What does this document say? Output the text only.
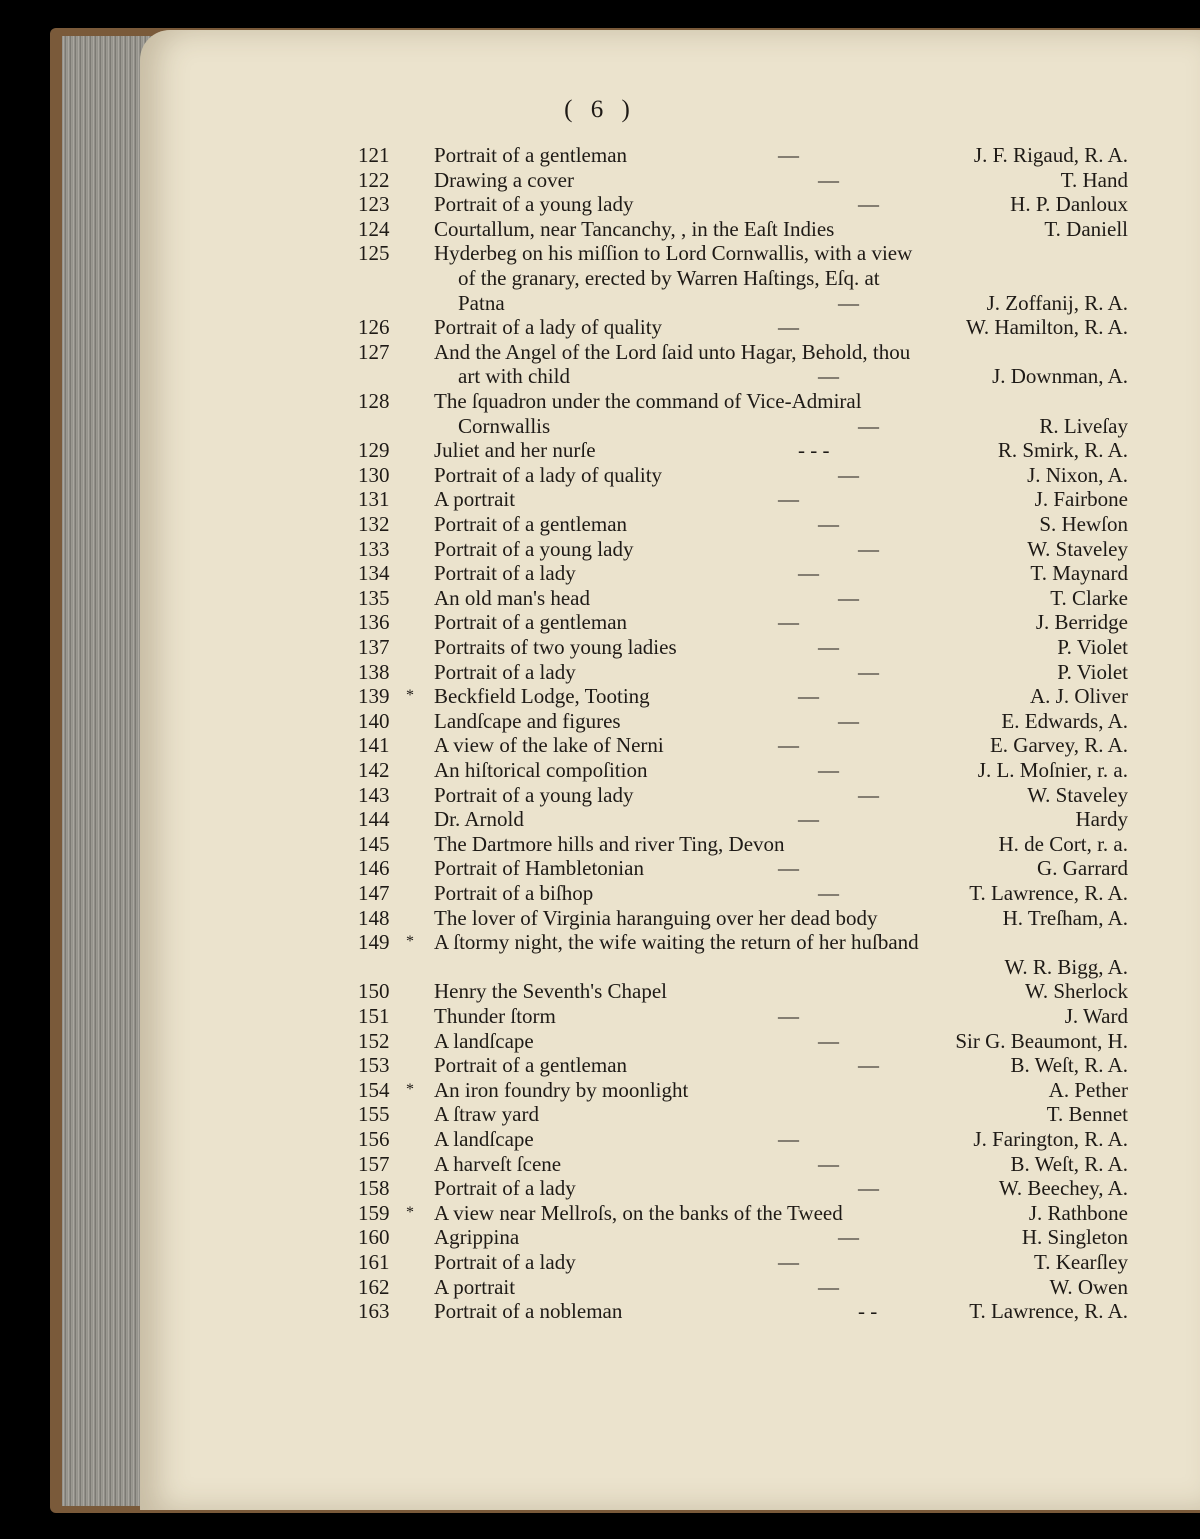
( 6 )
121	Portrait of a gentleman	—	J. F. Rigaud, R. A.
122	Drawing a cover	—	T. Hand
123	Portrait of a young lady	—	H. P. Danloux
124	Courtallum, near Tancanchy, , in the Eaſt Indies	T. Daniell
125	Hyderbeg on his miſſion to Lord Cornwallis, with a view
of the granary, erected by Warren Haſtings, Eſq. at
Patna	—	J. Zoffanij, R. A.
126	Portrait of a lady of quality	—	W. Hamilton, R. A.
127	And the Angel of the Lord ſaid unto Hagar, Behold, thou
art with child	—	J. Downman, A.
128	The ſquadron under the command of Vice-Admiral
Cornwallis	—	R. Liveſay
129	Juliet and her nurſe	- - -	R. Smirk, R. A.
130	Portrait of a lady of quality	—	J. Nixon, A.
131	A portrait	—	J. Fairbone
132	Portrait of a gentleman	—	S. Hewſon
133	Portrait of a young lady	—	W. Staveley
134	Portrait of a lady	—	T. Maynard
135	An old man's head	—	T. Clarke
136	Portrait of a gentleman	—	J. Berridge
137	Portraits of two young ladies	—	P. Violet
138	Portrait of a lady	—	P. Violet
139	* Beckfield Lodge, Tooting	—	A. J. Oliver
140	Landſcape and figures	—	E. Edwards, A.
141	A view of the lake of Nerni	—	E. Garvey, R. A.
142	An hiſtorical compoſition	—	J. L. Moſnier, r. a.
143	Portrait of a young lady	—	W. Staveley
144	Dr. Arnold	—	Hardy
145	The Dartmore hills and river Ting, Devon	H. de Cort, r. a.
146	Portrait of Hambletonian	—	G. Garrard
147	Portrait of a biſhop	—	T. Lawrence, R. A.
148	The lover of Virginia haranguing over her dead body	H. Treſham, A.
149	* A ſtormy night, the wife waiting the return of her huſband
W. R. Bigg, A.
150	Henry the Seventh's Chapel	W. Sherlock
151	Thunder ſtorm	—	J. Ward
152	A landſcape	—	Sir G. Beaumont, H.
153	Portrait of a gentleman	—	B. Weſt, R. A.
154	* An iron foundry by moonlight	A. Pether
155	A ſtraw yard	T. Bennet
156	A landſcape	—	J. Farington, R. A.
157	A harveſt ſcene	—	B. Weſt, R. A.
158	Portrait of a lady	—	W. Beechey, A.
159	* A view near Mellroſs, on the banks of the Tweed	J. Rathbone
160	Agrippina	—	H. Singleton
161	Portrait of a lady	—	T. Kearſley
162	A portrait	—	W. Owen
163	Portrait of a nobleman	- -	T. Lawrence, R. A.
